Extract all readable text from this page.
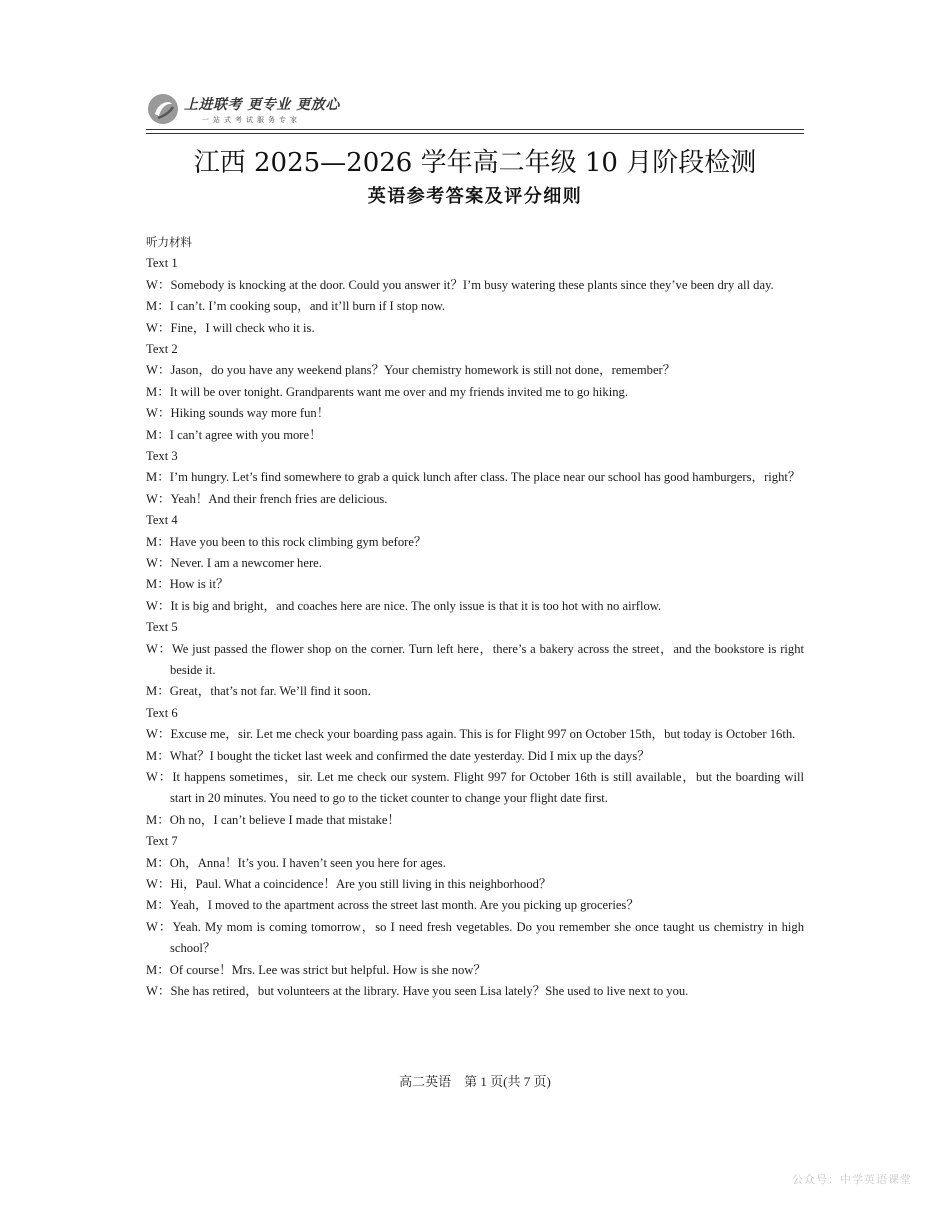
上进联考 更专业 更放心
一站式考试服务专家
江西 2025—2026 学年高二年级 10 月阶段检测
英语参考答案及评分细则
听力材料
Text 1
W：Somebody is knocking at the door. Could you answer it？I’m busy watering these plants since they’ve been dry all day.
M：I can’t. I’m cooking soup，and it’ll burn if I stop now.
W：Fine，I will check who it is.
Text 2
W：Jason，do you have any weekend plans？Your chemistry homework is still not done，remember？
M：It will be over tonight. Grandparents want me over and my friends invited me to go hiking.
W：Hiking sounds way more fun！
M：I can’t agree with you more！
Text 3
M：I’m hungry. Let’s find somewhere to grab a quick lunch after class. The place near our school has good hamburgers，right？
W：Yeah！And their french fries are delicious.
Text 4
M：Have you been to this rock climbing gym before？
W：Never. I am a newcomer here.
M：How is it？
W：It is big and bright，and coaches here are nice. The only issue is that it is too hot with no airflow.
Text 5
W：We just passed the flower shop on the corner. Turn left here，there’s a bakery across the street，and the bookstore is right beside it.
M：Great，that’s not far. We’ll find it soon.
Text 6
W：Excuse me，sir. Let me check your boarding pass again. This is for Flight 997 on October 15th，but today is October 16th.
M：What？I bought the ticket last week and confirmed the date yesterday. Did I mix up the days？
W：It happens sometimes，sir. Let me check our system. Flight 997 for October 16th is still available，but the boarding will start in 20 minutes. You need to go to the ticket counter to change your flight date first.
M：Oh no，I can’t believe I made that mistake！
Text 7
M：Oh，Anna！It’s you. I haven’t seen you here for ages.
W：Hi，Paul. What a coincidence！Are you still living in this neighborhood？
M：Yeah，I moved to the apartment across the street last month. Are you picking up groceries？
W：Yeah. My mom is coming tomorrow，so I need fresh vegetables. Do you remember she once taught us chemistry in high school？
M：Of course！Mrs. Lee was strict but helpful. How is she now？
W：She has retired，but volunteers at the library. Have you seen Lisa lately？She used to live next to you.
高二英语　第 1 页(共 7 页)
公众号：中学英语课堂
